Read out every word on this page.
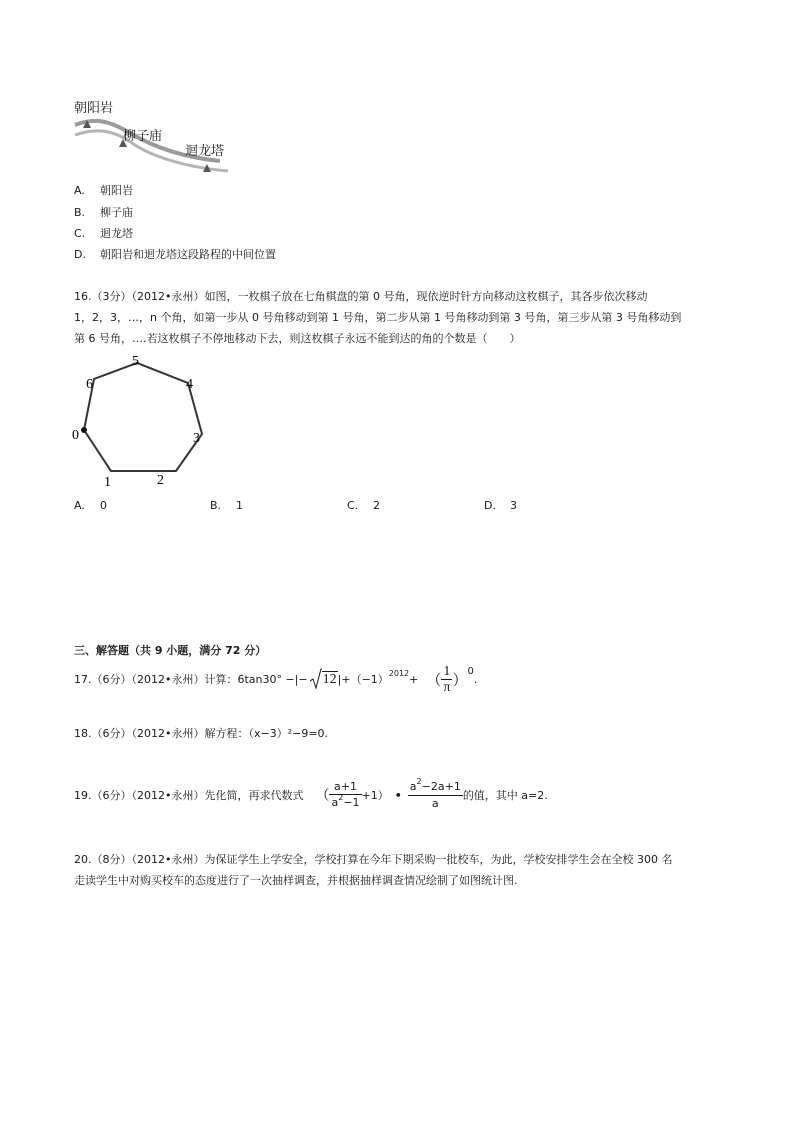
朝阳岩
柳子庙
迴龙塔
A. 朝阳岩
B. 柳子庙
C. 迴龙塔
D. 朝阳岩和迴龙塔这段路程的中间位置
16.（3分）（2012•永州）如图，一枚棋子放在七角棋盘的第 0 号角，现依逆时针方向移动这枚棋子，其各步依次移动
1，2，3，…，n 个角，如第一步从 0 号角移动到第 1 号角，第二步从第 1 号角移动到第 3 号角，第三步从第 3 号角移动到
第 6 号角，….若这枚棋子不停地移动下去，则这枚棋子永远不能到达的角的个数是（　　）
0
1	2
3
4
5
6
A. 0	B. 1	C. 2	D. 3
三、解答题（共 9 小题，满分 72 分）
17.（6分）（2012•永州）计算：6tan30° −|− 12 |+（−1） 2012 + （ $\frac{1}{\pi}$ ） 0
.
18.（6分）（2012•永州）解方程：（x−3）²−9=0.
19.（6分）（2012•永州）先化简，再求代数式 （ $\frac{a+1}{a^2-1} +1$） • $\frac{a^2-2a+1}{a}$ 的值，其中 a=2.
20.（8分）（2012•永州）为保证学生上学安全，学校打算在今年下期采购一批校车，为此，学校安排学生会在全校 300 名
走读学生中对购买校车的态度进行了一次抽样调查，并根据抽样调查情况绘制了如图统计图.
